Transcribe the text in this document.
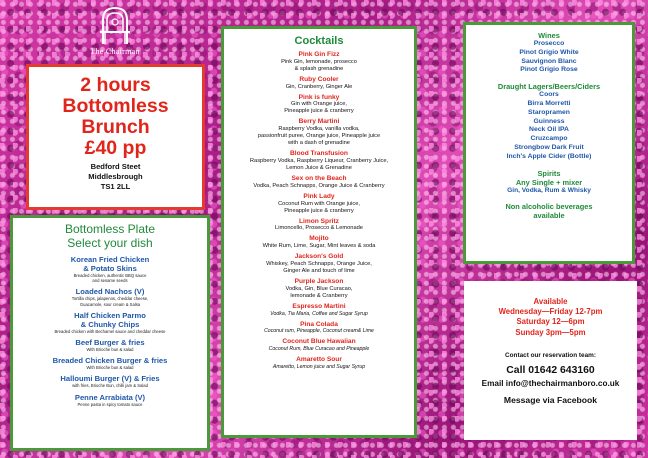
The Chairman
2 hours
Bottomless
Brunch
£40 pp
Bedford Steet
Middlesbrough
TS1 2LL
Bottomless Plate
Select your dish
Korean Fried Chicken
& Potato Skins
Breaded chicken, authentic BBQ sauce
and sesame seeds
Loaded Nachos (V)
Tortilla chips, jalapenos, cheddar cheese,
Guacamole, sour cream & Salsa
Half Chicken Parmo
& Chunky Chips
Breaded chicken with Bechamel sauce and cheddar cheese
Beef Burger & fries
With Brioche bun & salad
Breaded Chicken Burger & fries
With Brioche bun & salad
Halloumi Burger (V) & Fries
with fries, Brioche Bun, chilli jam & Salad
Penne Arrabiata (V)
Penne pasta in spicy tomato sauce
Cocktails
Pink Gin Fizz
Pink Gin, lemonade, prosecco
& splash grenadine
Ruby Cooler
Gin, Cranberry, Ginger Ale
Pink is funky
Gin with Orange juice,
Pineapple juice & cranberry
Berry Martini
Raspberry Vodka, vanilla vodka,
passionfruit puree, Orange juice, Pineapple juice
with a dash of grenadine
Blood Transfusion
Raspberry Vodka, Raspberry Liqueur, Cranberry Juice,
Lemon Juice & Grenadine
Sex on the Beach
Vodka, Peach Schnapps, Orange Juice & Cranberry
Pink Lady
Coconut Rum with Orange juice,
Pineapple juice & cranberry
Limon Spritz
Limoncello, Prosecco & Lemonade
Mojito
White Rum, Lime, Sugar, Mint leaves & soda
Jackson's Gold
Whiskey, Peach Schnapps, Orange Juice,
Ginger Ale and touch of lime
Purple Jackson
Vodka, Gin, Blue Curacao,
lemonade & Cranberry
Espresso Martini
Vodka, Tia Maria, Coffee and Sugar Syrup
Pina Colada
Coconut rum, Pineapple, Coconut cream& Lime
Coconut Blue Hawaiian
Coconut Rum, Blue Curacao and Pineapple
Amaretto Sour
Amaretto, Lemon juice and Sugar Syrup
Wines
Prosecco
Pinot Grigio White
Sauvignon Blanc
Pinot Grigio Rose
Draught Lagers/Beers/Ciders
Coors
Birra Morretti
Staropramen
Guinness
Neck Oil IPA
Cruzcampo
Strongbow Dark Fruit
Inch's Apple Cider (Bottle)
Spirits
Any Single + mixer
Gin, Vodka, Rum & Whisky
Non alcoholic beverages
available
Available
Wednesday—Friday 12-7pm
Saturday 12—6pm
Sunday 3pm—5pm
Contact our reservation team:
Call 01642 643160
Email info@thechairmanboro.co.uk
Message via Facebook
